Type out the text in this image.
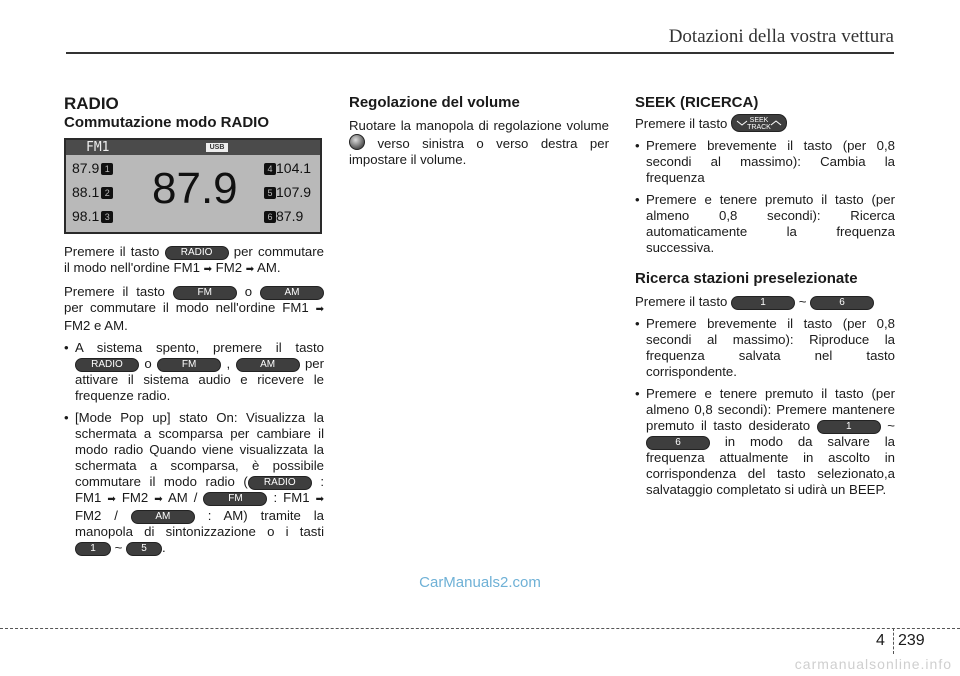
Dotazioni della vostra vettura
RADIO
Commutazione modo RADIO
FM1	USB
87.9
87.9 1
88.1 2
98.1 3
4 104.1
5 107.9
6 87.9

Premere il tasto RADIO per commutare il modo nell'ordine FM1 ➡ FM2 ➡ AM.

Premere il tasto	FM o	AM per commutare il modo nell'ordine FM1 ➡ FM2 e AM.

• A sistema spento, premere il tasto RADIO o	FM ,	AM per attivare il sistema audio e ricevere le frequenze radio.
• [Mode Pop up] stato On: Visualizza la schermata a scomparsa per cambiare il modo radio Quando viene visualizzata la schermata a scomparsa, è possibile commutare il modo radio ( RADIO : FM1 ➡ FM2 ➡ AM /	FM : FM1 ➡ FM2 /	AM	: AM) tramite la manopola di sintonizzazione o i tasti 1 ~ 5 .
Regolazione del volume

Ruotare la manopola di regolazione volume  verso sinistra o verso destra per impostare il volume.

SEEK (RICERCA)

Premere il tasto	SEEK
TRACK

• Premere brevemente il tasto (per 0,8 secondi al massimo): Cambia la frequenza
• Premere e tenere premuto il tasto (per almeno 0,8 secondi): Ricerca automaticamente la frequenza successiva.
Ricerca stazioni preselezionate

Premere il tasto	1 ~	6

• Premere brevemente il tasto (per 0,8 secondi al massimo): Riproduce la frequenza salvata nel tasto corrispondente.
• Premere e tenere premuto il tasto (per almeno 0,8 secondi): Premere mantenere premuto il tasto desiderato	1	~ 6	in modo da salvare la frequenza attualmente in ascolto in corrispondenza del tasto selezionato,a salvataggio completato si udirà un BEEP.
CarManuals2.com
4 239
carmanualsonline.info
